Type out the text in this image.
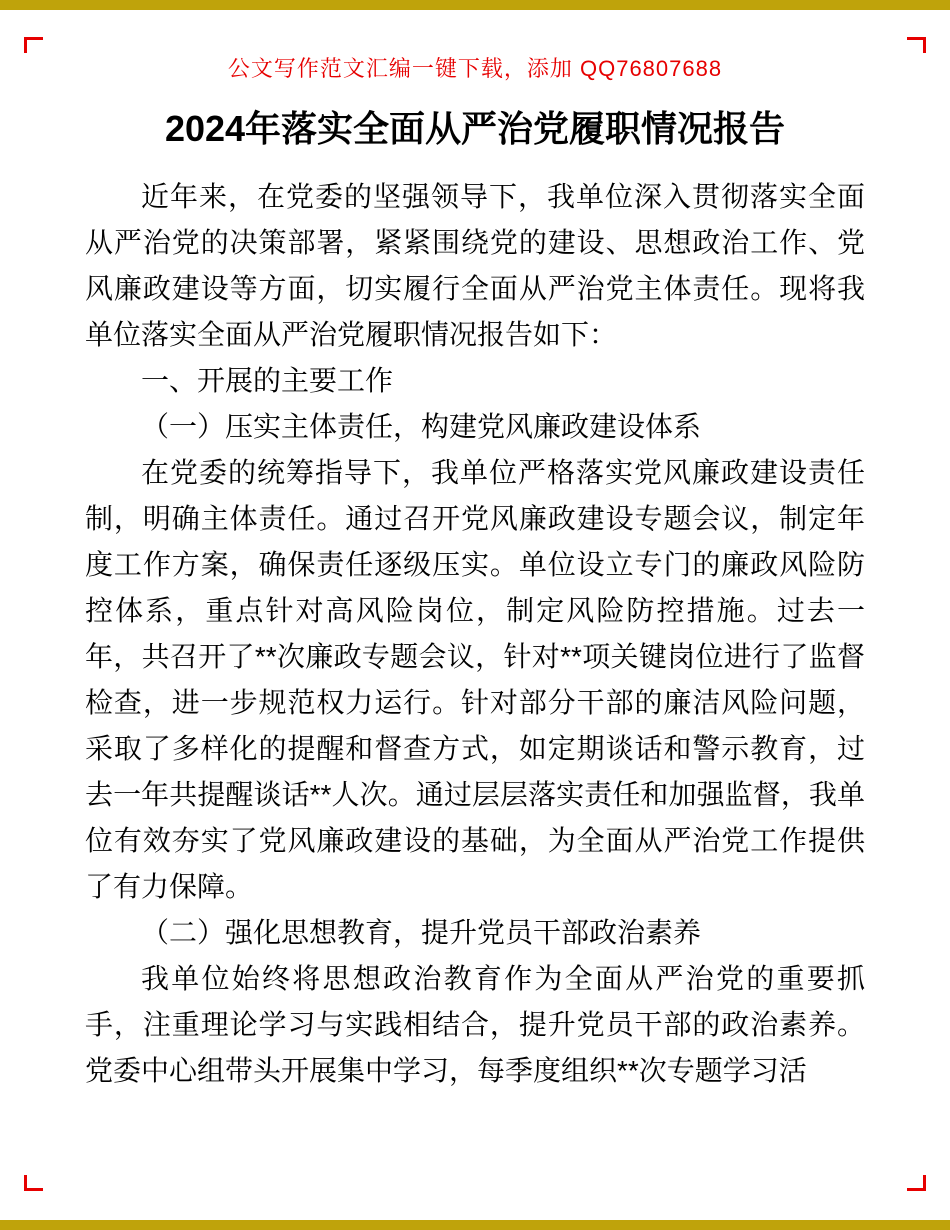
公文写作范文汇编一键下载，添加 QQ76807688
2024年落实全面从严治党履职情况报告

近年来，在党委的坚强领导下，我单位深入贯彻落实全面从严治党的决策部署，紧紧围绕党的建设、思想政治工作、党风廉政建设等方面，切实履行全面从严治党主体责任。现将我单位落实全面从严治党履职情况报告如下：

一、开展的主要工作

（一）压实主体责任，构建党风廉政建设体系

在党委的统筹指导下，我单位严格落实党风廉政建设责任制，明确主体责任。通过召开党风廉政建设专题会议，制定年度工作方案，确保责任逐级压实。单位设立专门的廉政风险防控体系，重点针对高风险岗位，制定风险防控措施。过去一年，共召开了**次廉政专题会议，针对**项关键岗位进行了监督检查，进一步规范权力运行。针对部分干部的廉洁风险问题，采取了多样化的提醒和督查方式，如定期谈话和警示教育，过去一年共提醒谈话**人次。通过层层落实责任和加强监督，我单位有效夯实了党风廉政建设的基础，为全面从严治党工作提供了有力保障。

（二）强化思想教育，提升党员干部政治素养

我单位始终将思想政治教育作为全面从严治党的重要抓手，注重理论学习与实践相结合，提升党员干部的政治素养。党委中心组带头开展集中学习，每季度组织**次专题学习活
